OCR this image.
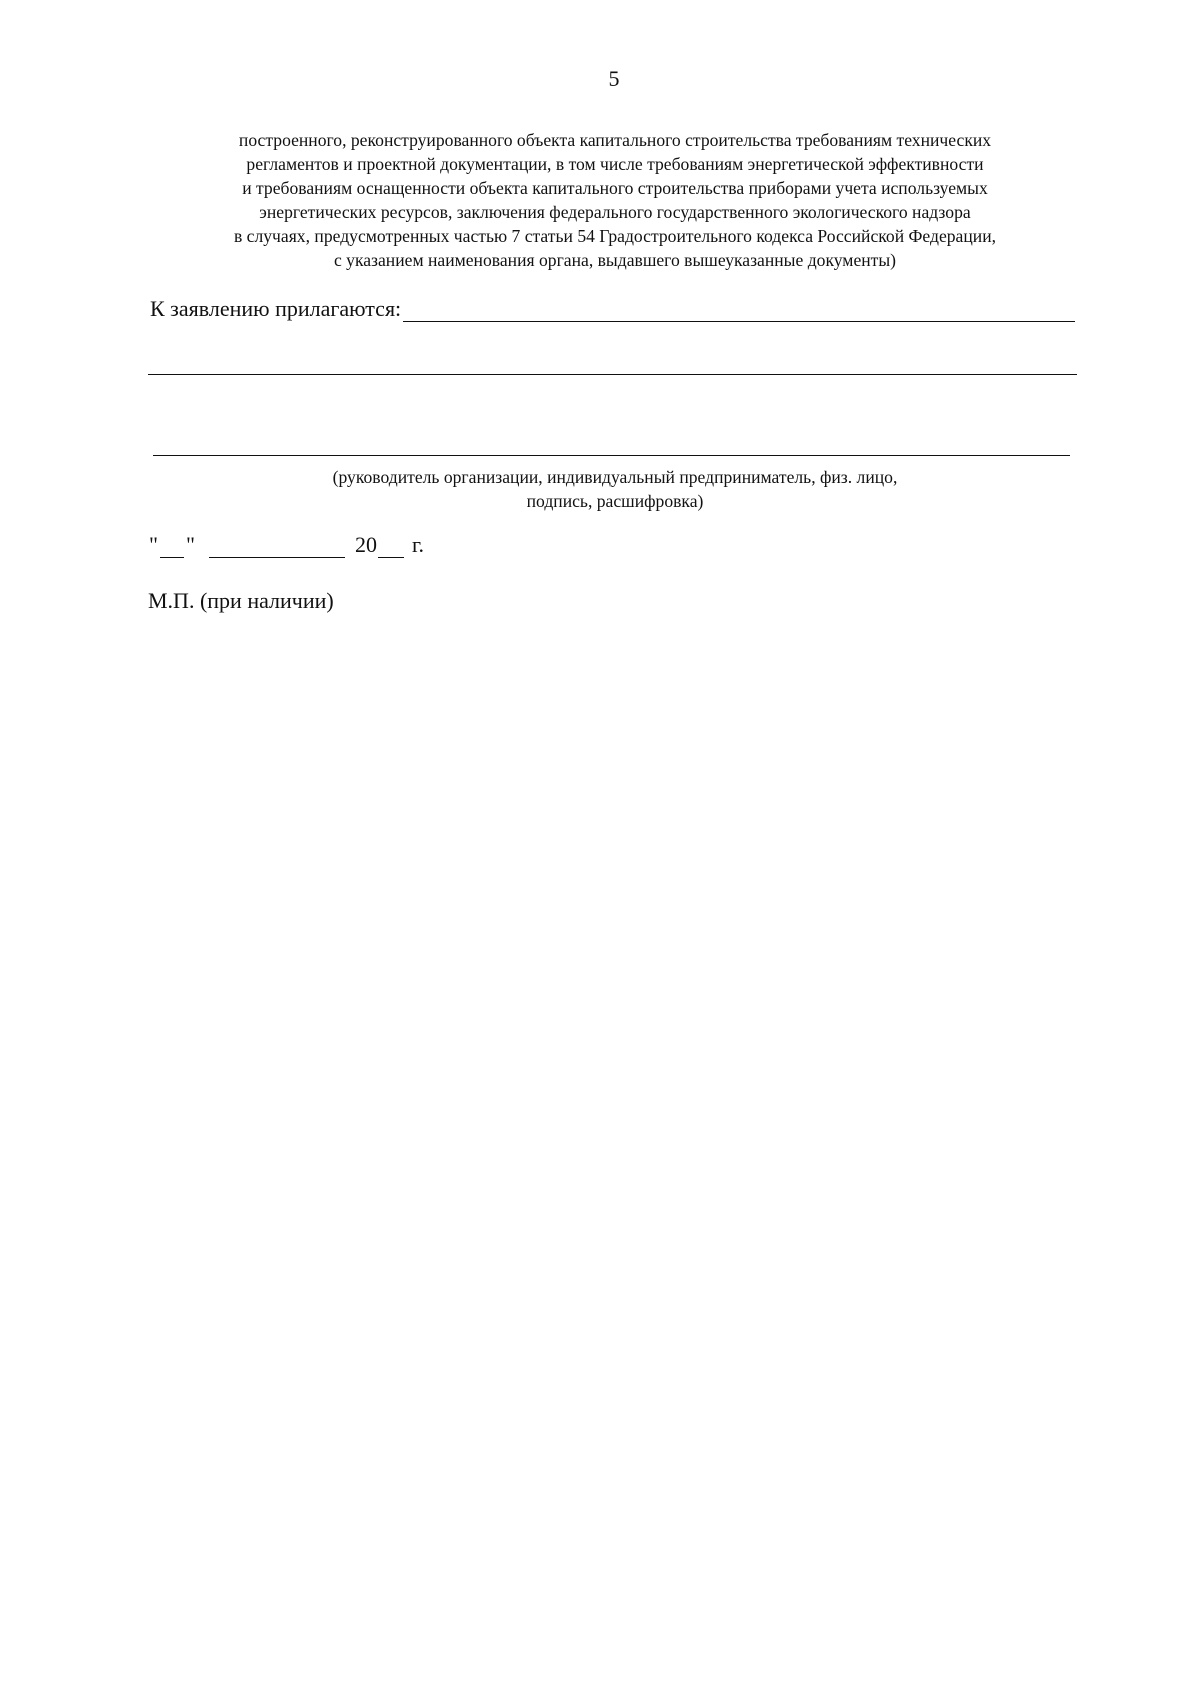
5
построенного, реконструированного объекта капитального строительства требованиям технических
регламентов и проектной документации, в том числе требованиям энергетической эффективности
и требованиям оснащенности объекта капитального строительства приборами учета используемых
энергетических ресурсов, заключения федерального государственного экологического надзора
в случаях, предусмотренных частью 7 статьи 54 Градостроительного кодекса Российской Федерации,
с указанием наименования органа, выдавшего вышеуказанные документы)
К заявлению прилагаются:
(руководитель организации, индивидуальный предприниматель, физ. лицо,
подпись, расшифровка)
" "	20 г.
М.П. (при наличии)
